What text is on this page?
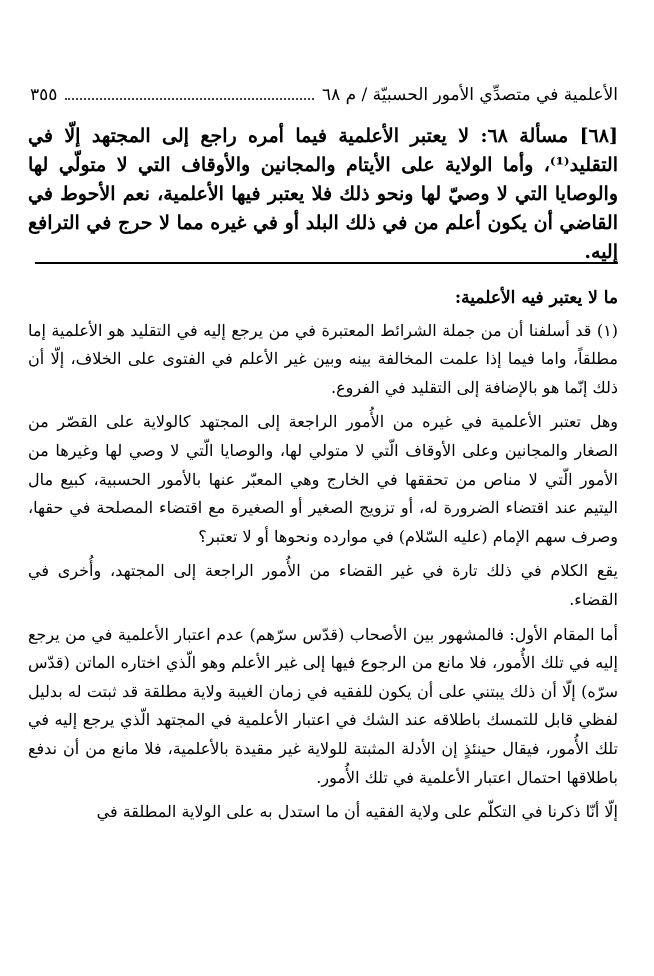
الأعلمية في متصدِّي الأمور الحسبيّة / م ٦٨
٣٥٥

[٦٨] مسألة ٦٨: لا يعتبر الأعلمية فيما أمره راجع إلى المجتهد إلّا في التقليد⁽¹⁾، وأما الولاية على الأيتام والمجانين والأوقاف التي لا متولّي لها والوصايا التي لا وصيّ لها ونحو ذلك فلا يعتبر فيها الأعلمية، نعم الأحوط في القاضي أن يكون أعلم من في ذلك البلد أو في غيره مما لا حرج في الترافع إليه.

ما لا يعتبر فيه الأعلمية:

(١) قد أسلفنا أن من جملة الشرائط المعتبرة في من يرجع إليه في التقليد هو الأعلمية إما مطلقاً، واما فيما إذا علمت المخالفة بينه وبين غير الأعلم في الفتوى على الخلاف، إلّا أن ذلك إنّما هو بالإضافة إلى التقليد في الفروع.

وهل تعتبر الأعلمية في غيره من الأُمور الراجعة إلى المجتهد كالولاية على القصّر من الصغار والمجانين وعلى الأوقاف الّتي لا متولي لها، والوصايا الّتي لا وصي لها وغيرها من الأمور الّتي لا مناص من تحققها في الخارج وهي المعبّر عنها بالأمور الحسبية، كبيع مال اليتيم عند اقتضاء الضرورة له، أو تزويج الصغير أو الصغيرة مع اقتضاء المصلحة في حقها، وصرف سهم الإمام (عليه السّلام) في موارده ونحوها أو لا تعتبر؟

يقع الكلام في ذلك تارة في غير القضاء من الأُمور الراجعة إلى المجتهد، وأُخرى في القضاء.

أما المقام الأول: فالمشهور بين الأصحاب (قدّس سرّهم) عدم اعتبار الأعلمية في من يرجع إليه في تلك الأُمور، فلا مانع من الرجوع فيها إلى غير الأعلم وهو الّذي اختاره الماتن (قدّس سرّه) إلّا أن ذلك يبتني على أن يكون للفقيه في زمان الغيبة ولاية مطلقة قد ثبتت له بدليل لفظي قابل للتمسك باطلاقه عند الشك في اعتبار الأعلمية في المجتهد الّذي يرجع إليه في تلك الأُمور، فيقال حينئذٍ إن الأدلة المثبتة للولاية غير مقيدة بالأعلمية، فلا مانع من أن ندفع باطلاقها احتمال اعتبار الأعلمية في تلك الأُمور.

إلّا أنّا ذكرنا في التكلّم على ولاية الفقيه أن ما استدل به على الولاية المطلقة في
